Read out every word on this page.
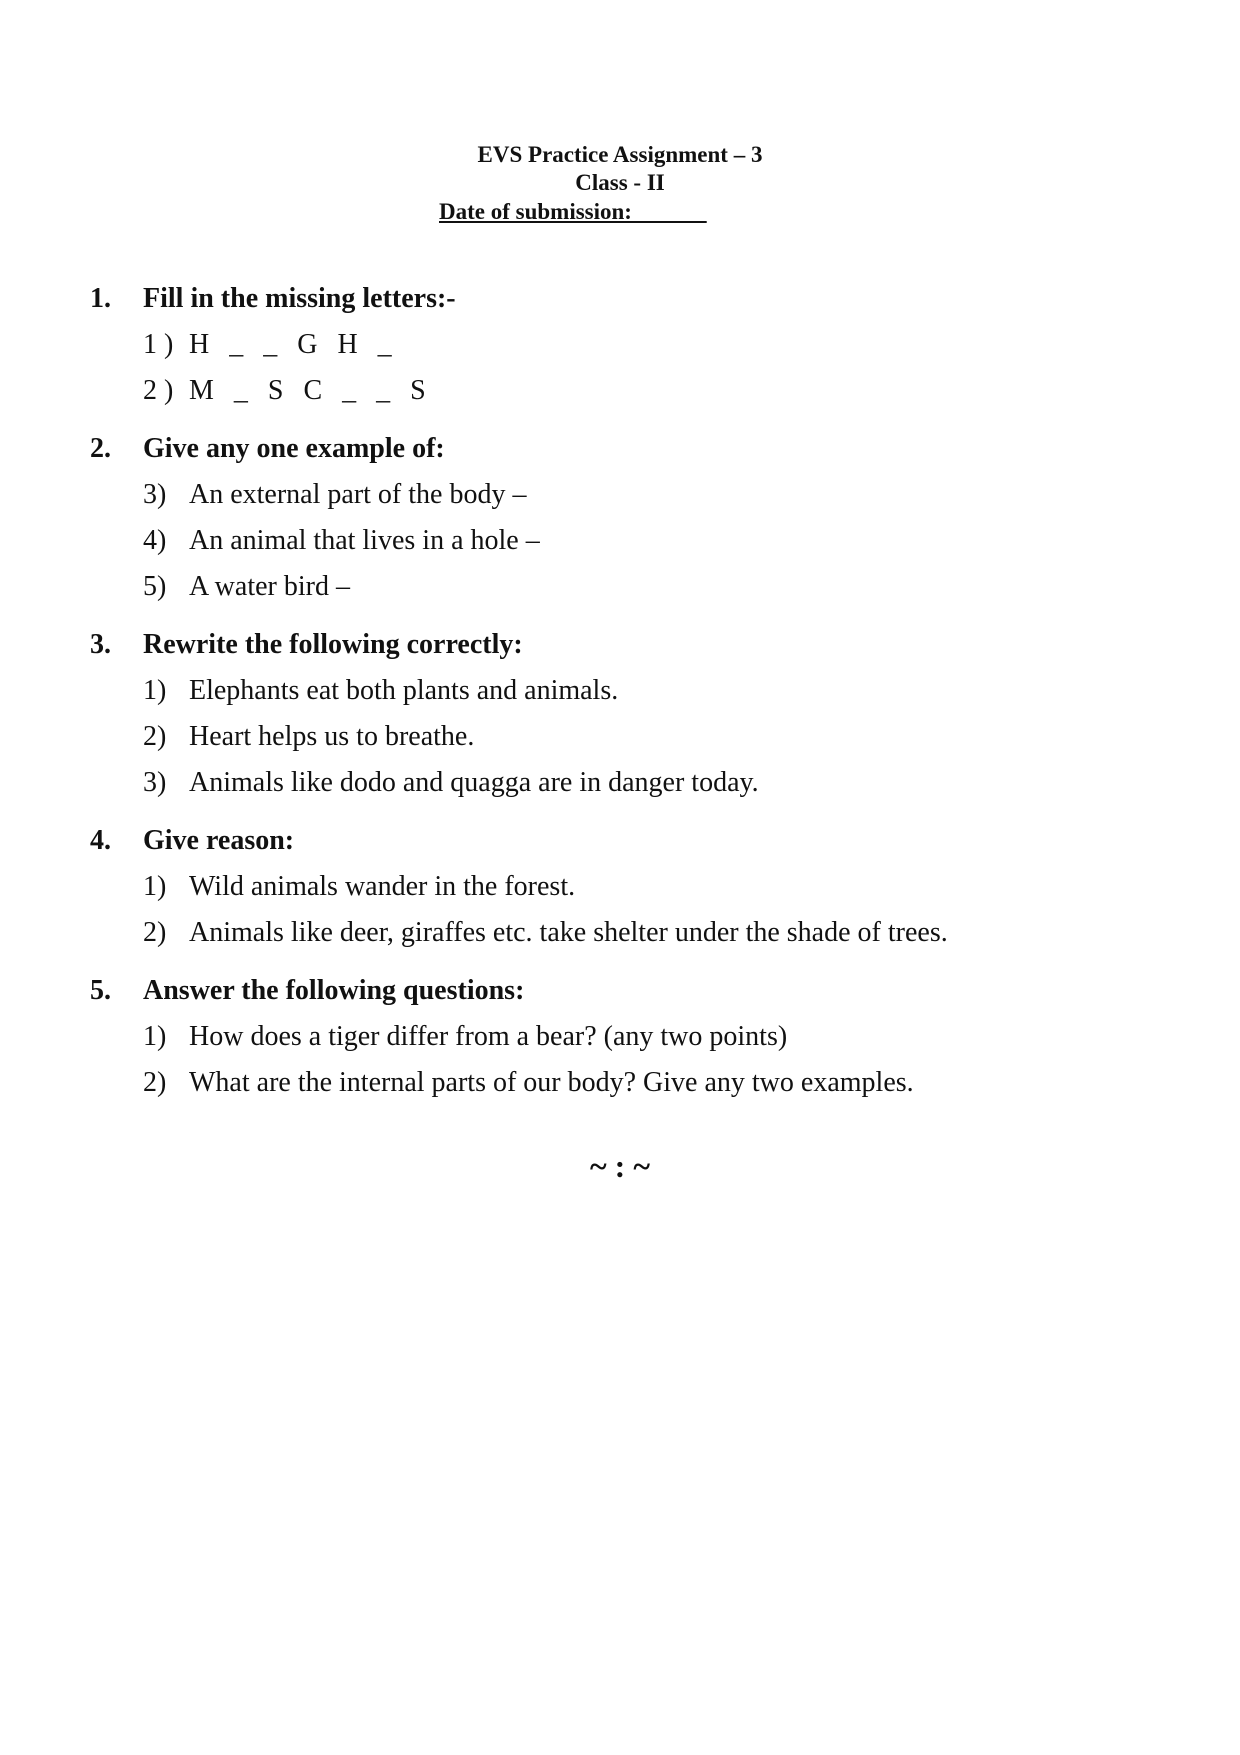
EVS Practice Assignment – 3
Class - II
Date of submission:
1.	Fill in the missing letters:-
1 ) H  _  _  G  H  _
2 ) M  _  S  C  _  _  S
2.	Give any one example of:
3) An external part of the body –
4) An animal that lives in a hole –
5) A water bird –
3.	Rewrite the following correctly:
1) Elephants eat both plants and animals.
2) Heart helps us to breathe.
3) Animals like dodo and quagga are in danger today.
4.	Give reason:
1) Wild animals wander in the forest.
2) Animals like deer, giraffes etc. take shelter under the shade of trees.
5.	Answer the following questions:
1) How does a tiger differ from a bear? (any two points)
2) What are the internal parts of our body? Give any two examples.
~ : ~
